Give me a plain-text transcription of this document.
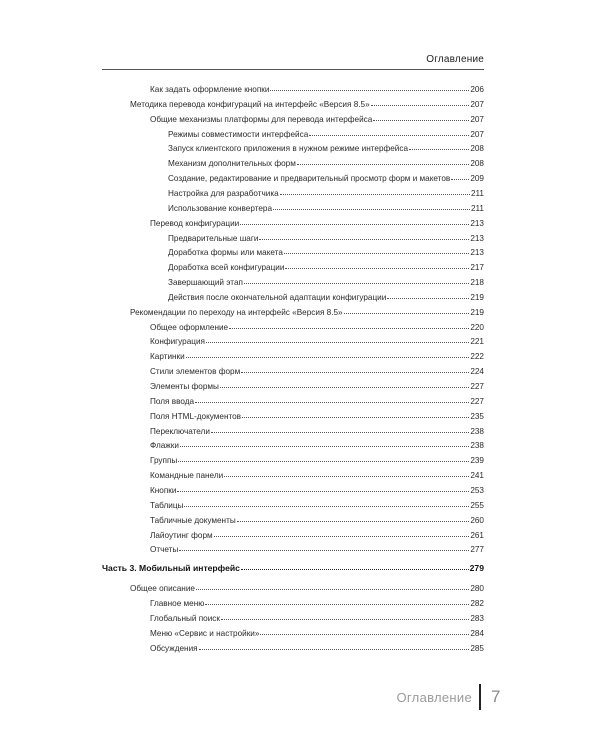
Оглавление
Как задать оформление кнопки	206
Методика перевода конфигураций на интерфейс «Версия 8.5»	207
Общие механизмы платформы для перевода интерфейса	207
Режимы совместимости интерфейса	207
Запуск клиентского приложения в нужном режиме интерфейса	208
Механизм дополнительных форм	208
Создание, редактирование и предварительный просмотр форм и макетов 209
Настройка для разработчика	211
Использование конвертера	211
Перевод конфигурации	213
Предварительные шаги	213
Доработка формы или макета	213
Доработка всей конфигурации	217
Завершающий этап	218
Действия после окончательной адаптации конфигурации	219
Рекомендации по переходу на интерфейс «Версия 8.5»	219
Общее оформление	220
Конфигурация	221
Картинки	222
Стили элементов форм	224
Элементы формы	227
Поля ввода	227
Поля HTML-документов	235
Переключатели	238
Флажки	238
Группы	239
Командные панели	241
Кнопки	253
Таблицы	255
Табличные документы	260
Лайоутинг форм	261
Отчеты	277
Часть 3. Мобильный интерфейс	279
Общее описание	280
Главное меню	282
Глобальный поиск	283
Меню «Сервис и настройки»	284
Обсуждения	285
Оглавление 7
